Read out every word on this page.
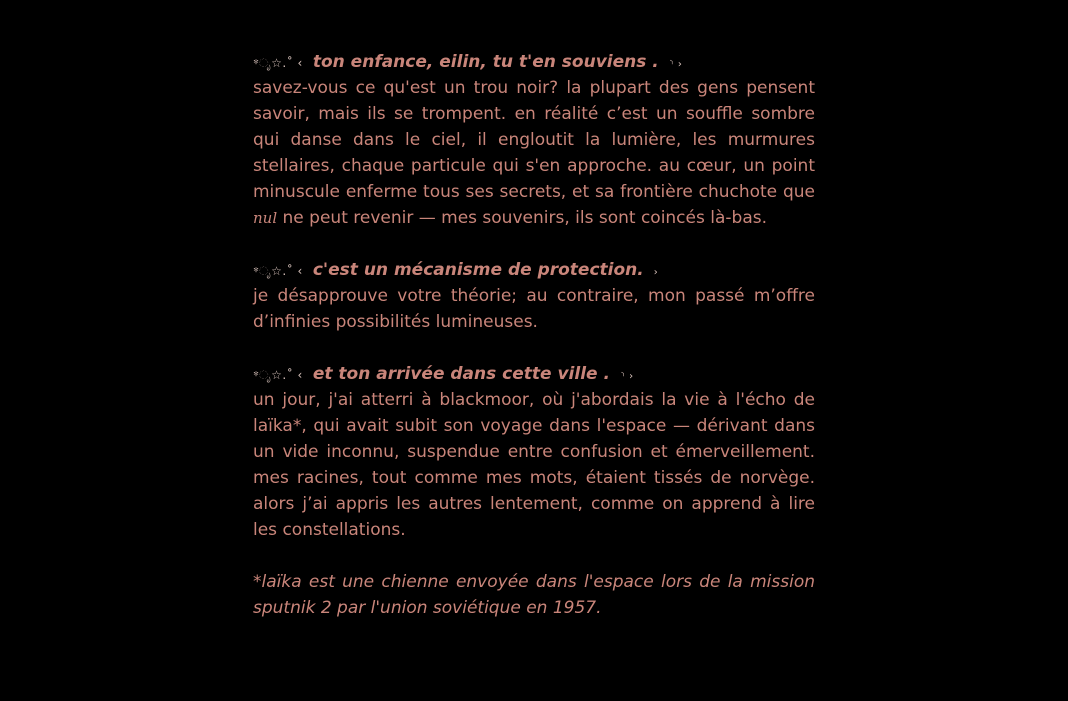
*ೃ☆.˚ ‹ ton enfance, eilin, tu t'en souviens . ⸃ ›

savez-vous ce qu'est un trou noir? la plupart des gens pensent savoir, mais ils se trompent. en réalité c’est un souffle sombre qui danse dans le ciel, il engloutit la lumière, les murmures stellaires, chaque particule qui s'en approche. au cœur, un point minuscule enferme tous ses secrets, et sa frontière chuchote que nul ne peut revenir — mes souvenirs, ils sont coincés là-bas.

*ೃ☆.˚ ‹ c'est un mécanisme de protection. ›

je désapprouve votre théorie; au contraire, mon passé m’offre d’infinies possibilités lumineuses.

*ೃ☆.˚ ‹ et ton arrivée dans cette ville . ⸃ ›

un jour, j'ai atterri à blackmoor, où j'abordais la vie à l'écho de laïka*, qui avait subit son voyage dans l'espace — dérivant dans un vide inconnu, suspendue entre confusion et émerveillement. mes racines, tout comme mes mots, étaient tissés de norvège. alors j’ai appris les autres lentement, comme on apprend à lire les constellations.

*laïka est une chienne envoyée dans l'espace lors de la mission sputnik 2 par l'union soviétique en 1957.
